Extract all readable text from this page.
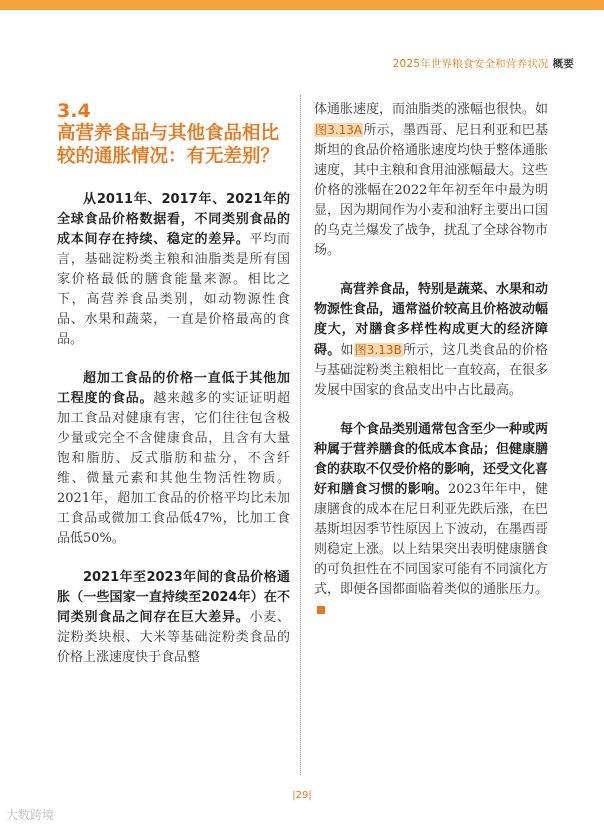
2025年世界粮食安全和营养状况 概要
3.4
高营养食品与其他食品相比较的通胀情况：有无差别？

从2011年、2017年、2021年的全球食品价格数据看，不同类别食品的成本间存在持续、稳定的差异。平均而言，基础淀粉类主粮和油脂类是所有国家价格最低的膳食能量来源。相比之下，高营养食品类别，如动物源性食品、水果和蔬菜，一直是价格最高的食品。

超加工食品的价格一直低于其他加工程度的食品。越来越多的实证证明超加工食品对健康有害，它们往往包含极少量或完全不含健康食品，且含有大量饱和脂肪、反式脂肪和盐分，不含纤维、微量元素和其他生物活性物质。2021年，超加工食品的价格平均比未加工食品或微加工食品低47%，比加工食品低50%。

2021年至2023年间的食品价格通胀（一些国家一直持续至2024年）在不同类别食品之间存在巨大差异。小麦、淀粉类块根、大米等基础淀粉类食品的价格上涨速度快于食品整

体通胀速度，而油脂类的涨幅也很快。如图3.13A所示，墨西哥、尼日利亚和巴基斯坦的食品价格通胀速度均快于整体通胀速度，其中主粮和食用油涨幅最大。这些价格的涨幅在2022年年初至年中最为明显，因为期间作为小麦和油籽主要出口国的乌克兰爆发了战争，扰乱了全球谷物市场。

高营养食品，特别是蔬菜、水果和动物源性食品，通常溢价较高且价格波动幅度大，对膳食多样性构成更大的经济障碍。如图3.13B所示，这几类食品的价格与基础淀粉类主粮相比一直较高，在很多发展中国家的食品支出中占比最高。

每个食品类别通常包含至少一种或两种属于营养膳食的低成本食品；但健康膳食的获取不仅受价格的影响，还受文化喜好和膳食习惯的影响。2023年年中，健康膳食的成本在尼日利亚先跌后涨，在巴基斯坦因季节性原因上下波动，在墨西哥则稳定上涨。以上结果突出表明健康膳食的可负担性在不同国家可能有不同演化方式，即便各国都面临着类似的通胀压力。

|29|
大数跨境
